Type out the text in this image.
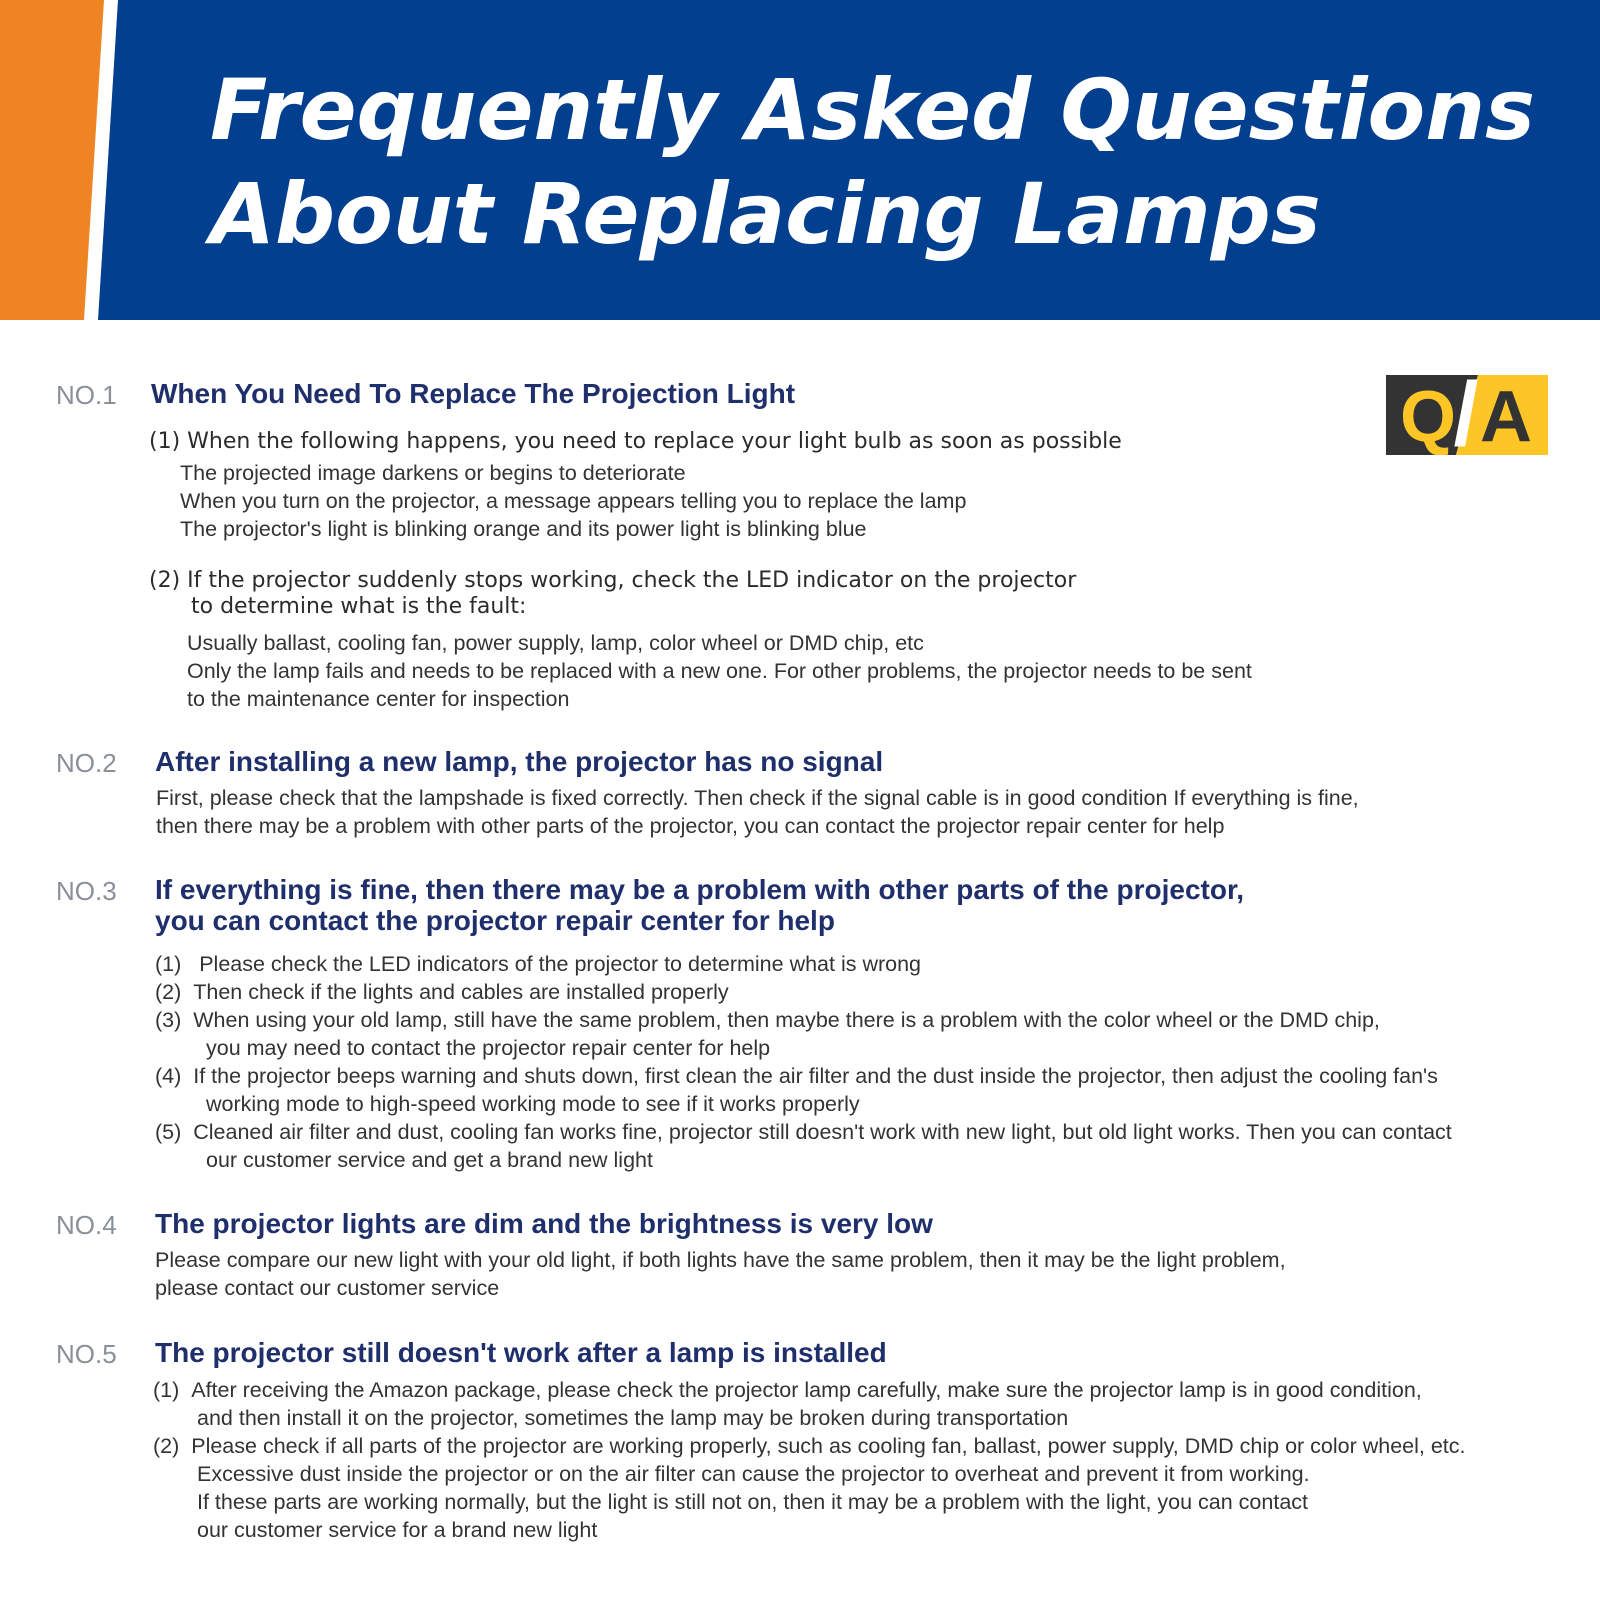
Frequently Asked Questions
About Replacing Lamps
Q
/ A
NO.1 When You Need To Replace The Projection Light
(1) When the following happens, you need to replace your light bulb as soon as possible
The projected image darkens or begins to deteriorate
When you turn on the projector, a message appears telling you to replace the lamp
The projector's light is blinking orange and its power light is blinking blue
(2) If the projector suddenly stops working, check the LED indicator on the projector
to determine what is the fault:
Usually ballast, cooling fan, power supply, lamp, color wheel or DMD chip, etc
Only the lamp fails and needs to be replaced with a new one. For other problems, the projector needs to be sent
to the maintenance center for inspection
NO.2 After installing a new lamp, the projector has no signal
First, please check that the lampshade is fixed correctly. Then check if the signal cable is in good condition If everything is fine,
then there may be a problem with other parts of the projector, you can contact the projector repair center for help
NO.3 If everything is fine, then there may be a problem with other parts of the projector,
you can contact the projector repair center for help
(1) Please check the LED indicators of the projector to determine what is wrong
(2) Then check if the lights and cables are installed properly
(3) When using your old lamp, still have the same problem, then maybe there is a problem with the color wheel or the DMD chip,
you may need to contact the projector repair center for help
(4) If the projector beeps warning and shuts down, first clean the air filter and the dust inside the projector, then adjust the cooling fan's
working mode to high-speed working mode to see if it works properly
(5) Cleaned air filter and dust, cooling fan works fine, projector still doesn't work with new light, but old light works. Then you can contact
our customer service and get a brand new light
NO.4 The projector lights are dim and the brightness is very low
Please compare our new light with your old light, if both lights have the same problem, then it may be the light problem,
please contact our customer service
NO.5 The projector still doesn't work after a lamp is installed
(1) After receiving the Amazon package, please check the projector lamp carefully, make sure the projector lamp is in good condition,
and then install it on the projector, sometimes the lamp may be broken during transportation
(2) Please check if all parts of the projector are working properly, such as cooling fan, ballast, power supply, DMD chip or color wheel, etc.
Excessive dust inside the projector or on the air filter can cause the projector to overheat and prevent it from working.
If these parts are working normally, but the light is still not on, then it may be a problem with the light, you can contact
our customer service for a brand new light
